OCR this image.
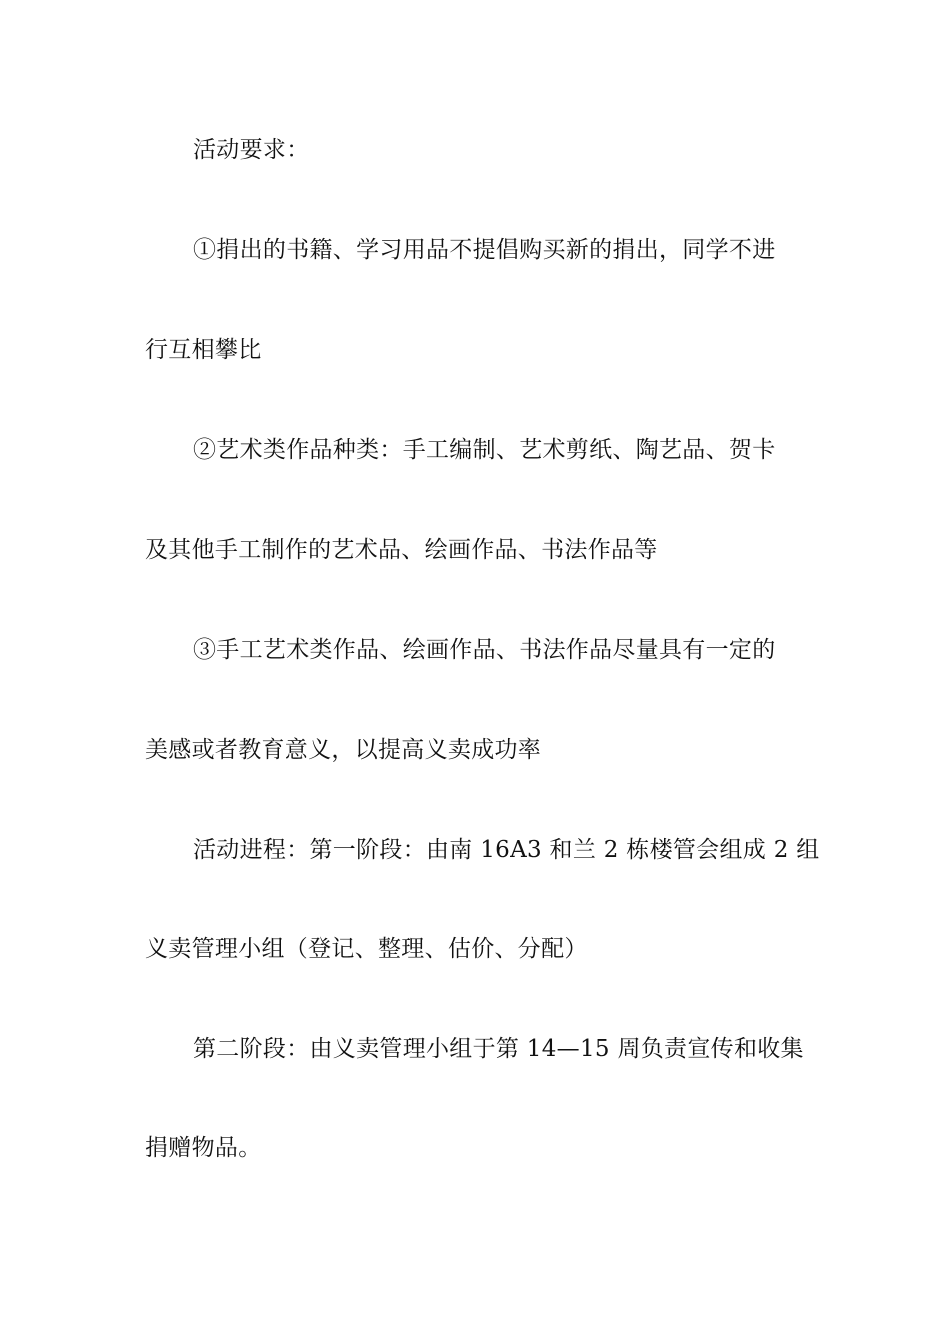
活动要求：
①捐出的书籍、学习用品不提倡购买新的捐出，同学不进
行互相攀比
②艺术类作品种类：手工编制、艺术剪纸、陶艺品、贺卡
及其他手工制作的艺术品、绘画作品、书法作品等
③手工艺术类作品、绘画作品、书法作品尽量具有一定的
美感或者教育意义，以提高义卖成功率
活动进程：第一阶段：由南 16A3 和兰 2 栋楼管会组成 2 组
义卖管理小组（登记、整理、估价、分配）
第二阶段：由义卖管理小组于第 14—15 周负责宣传和收集
捐赠物品。
